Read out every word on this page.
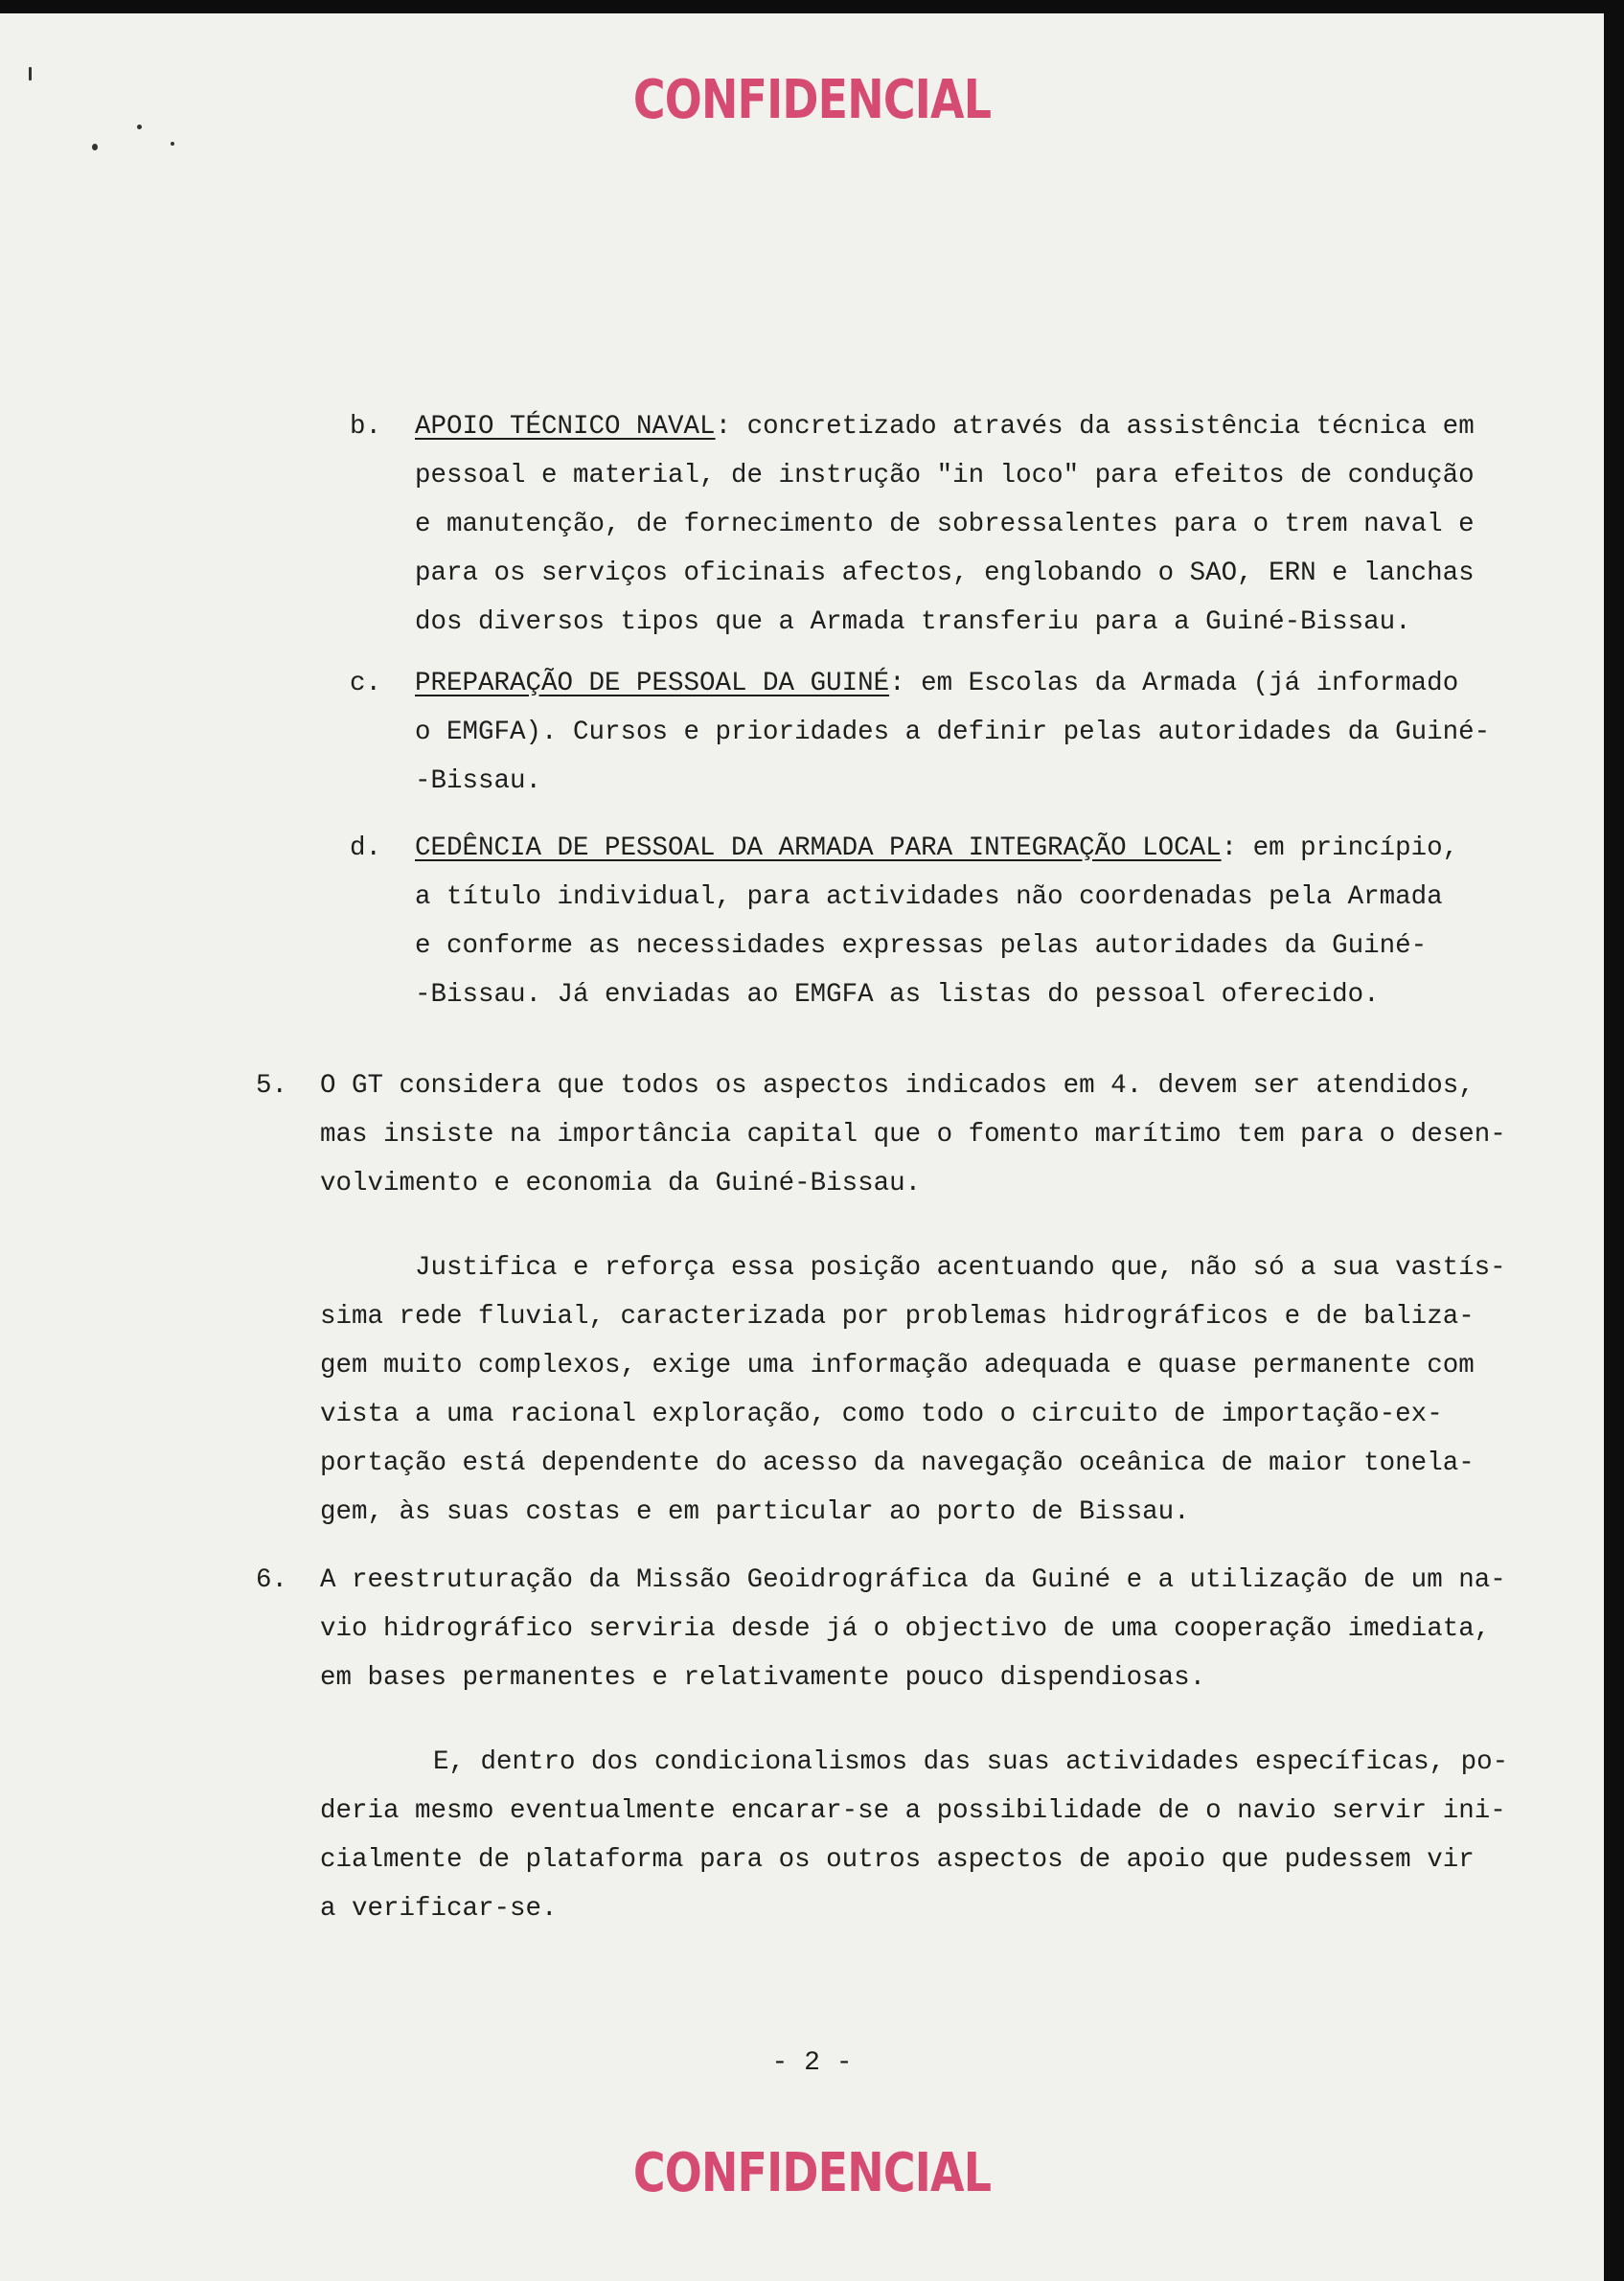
CONFIDENCIAL

b.

APOIO TÉCNICO NAVAL: concretizado através da assistência técnica em

pessoal e material, de instrução "in loco" para efeitos de condução

e manutenção, de fornecimento de sobressalentes para o trem naval e

para os serviços oficinais afectos, englobando o SAO, ERN e lanchas

dos diversos tipos que a Armada transferiu para a Guiné-Bissau.

c.

PREPARAÇÃO DE PESSOAL DA GUINÉ: em Escolas da Armada (já informado

o EMGFA). Cursos e prioridades a definir pelas autoridades da Guiné-

-Bissau.

d.

CEDÊNCIA DE PESSOAL DA ARMADA PARA INTEGRAÇÃO LOCAL: em princípio,

a título individual, para actividades não coordenadas pela Armada

e conforme as necessidades expressas pelas autoridades da Guiné-

-Bissau. Já enviadas ao EMGFA as listas do pessoal oferecido.

5.

O GT considera que todos os aspectos indicados em 4. devem ser atendidos,

mas insiste na importância capital que o fomento marítimo tem para o desen-

volvimento e economia da Guiné-Bissau.

Justifica e reforça essa posição acentuando que, não só a sua vastís-

sima rede fluvial, caracterizada por problemas hidrográficos e de baliza-

gem muito complexos, exige uma informação adequada e quase permanente com

vista a uma racional exploração, como todo o circuito de importação-ex-

portação está dependente do acesso da navegação oceânica de maior tonela-

gem, às suas costas e em particular ao porto de Bissau.

6.

A reestruturação da Missão Geoidrográfica da Guiné e a utilização de um na-

vio hidrográfico serviria desde já o objectivo de uma cooperação imediata,

em bases permanentes e relativamente pouco dispendiosas.

E, dentro dos condicionalismos das suas actividades específicas, po-

deria mesmo eventualmente encarar-se a possibilidade de o navio servir ini-

cialmente de plataforma para os outros aspectos de apoio que pudessem vir

a verificar-se.

- 2 -
CONFIDENCIAL
